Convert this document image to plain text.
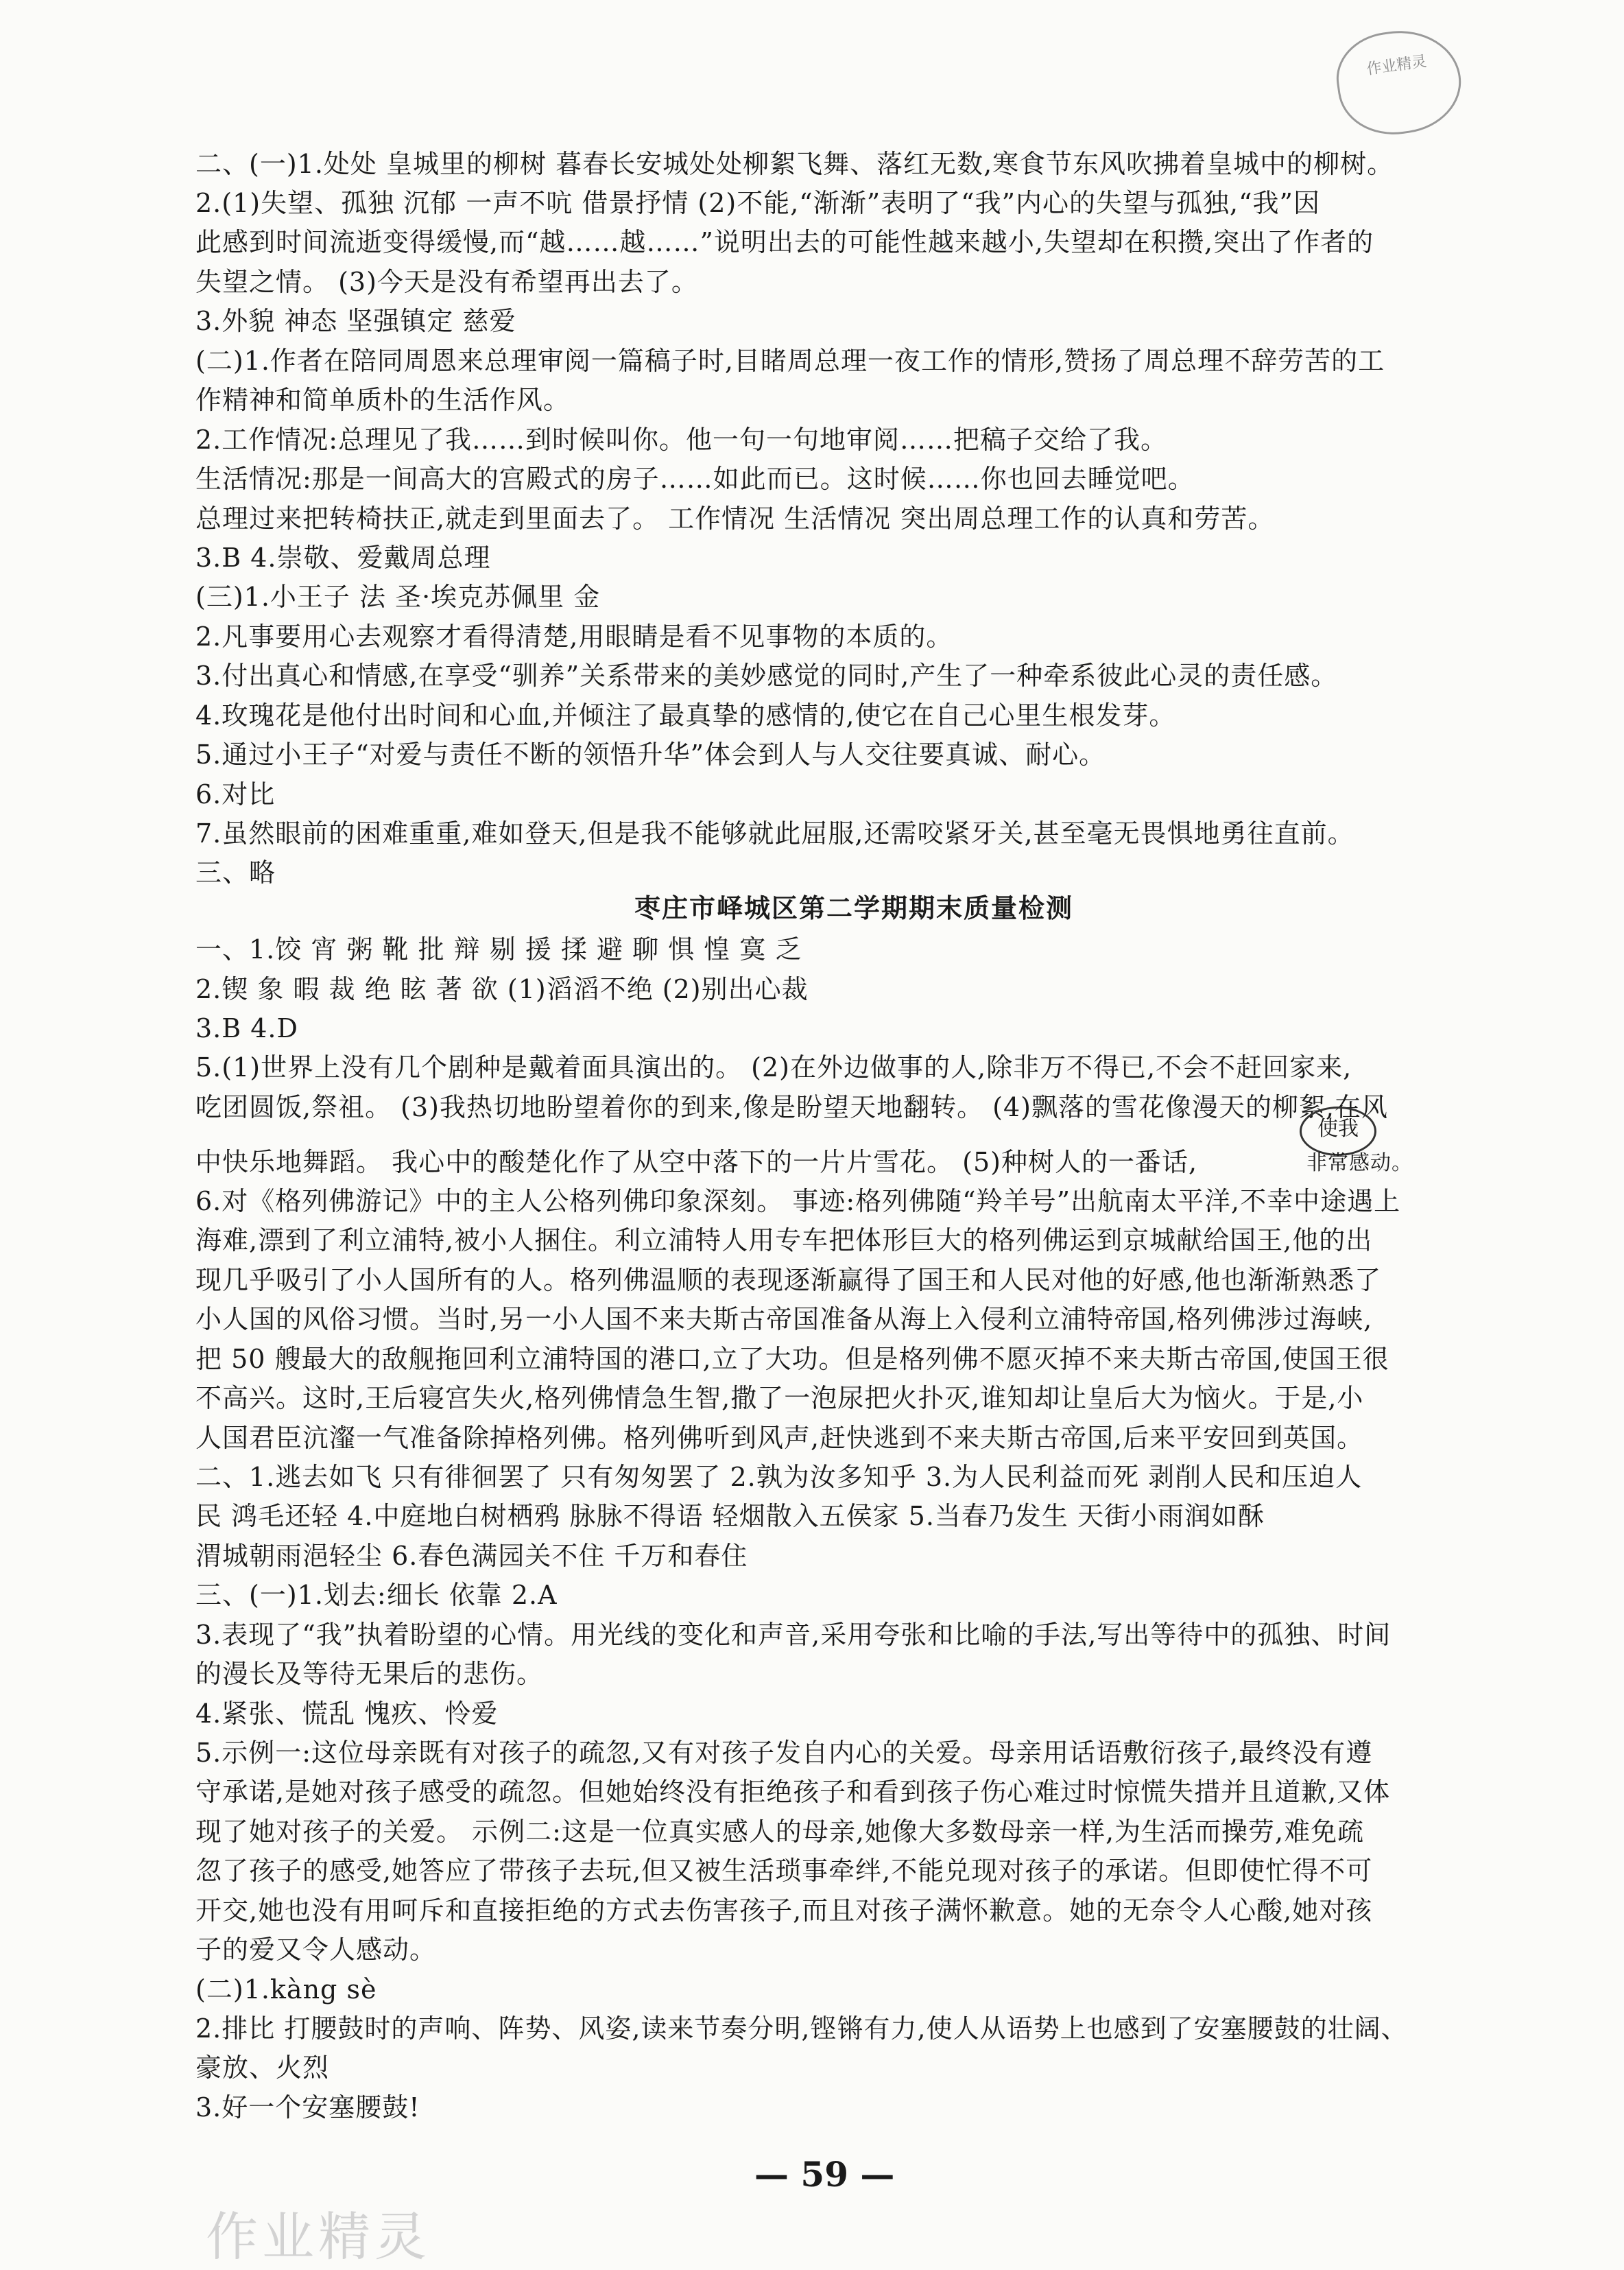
作业精灵
二、(一)1.处处 皇城里的柳树 暮春长安城处处柳絮飞舞、落红无数,寒食节东风吹拂着皇城中的柳树。
2.(1)失望、孤独 沉郁 一声不吭 借景抒情 (2)不能,“渐渐”表明了“我”内心的失望与孤独,“我”因
此感到时间流逝变得缓慢,而“越……越……”说明出去的可能性越来越小,失望却在积攒,突出了作者的
失望之情。 (3)今天是没有希望再出去了。
3.外貌 神态 坚强镇定 慈爱
(二)1.作者在陪同周恩来总理审阅一篇稿子时,目睹周总理一夜工作的情形,赞扬了周总理不辞劳苦的工
作精神和简单质朴的生活作风。
2.工作情况:总理见了我……到时候叫你。他一句一句地审阅……把稿子交给了我。
生活情况:那是一间高大的宫殿式的房子……如此而已。这时候……你也回去睡觉吧。
总理过来把转椅扶正,就走到里面去了。 工作情况 生活情况 突出周总理工作的认真和劳苦。
3.B 4.崇敬、爱戴周总理
(三)1.小王子 法 圣·埃克苏佩里 金
2.凡事要用心去观察才看得清楚,用眼睛是看不见事物的本质的。
3.付出真心和情感,在享受“驯养”关系带来的美妙感觉的同时,产生了一种牵系彼此心灵的责任感。
4.玫瑰花是他付出时间和心血,并倾注了最真挚的感情的,使它在自己心里生根发芽。
5.通过小王子“对爱与责任不断的领悟升华”体会到人与人交往要真诚、耐心。
6.对比
7.虽然眼前的困难重重,难如登天,但是我不能够就此屈服,还需咬紧牙关,甚至毫无畏惧地勇往直前。
三、略
枣庄市峄城区第二学期期末质量检测
一、1.饺 宵 粥 靴 批 辩 剔 援 揉 避 聊 惧 惶 寞 乏
2.锲 象 暇 裁 绝 眩 著 欲 (1)滔滔不绝 (2)别出心裁
3.B 4.D
5.(1)世界上没有几个剧种是戴着面具演出的。 (2)在外边做事的人,除非万不得已,不会不赶回家来,
吃团圆饭,祭祖。 (3)我热切地盼望着你的到来,像是盼望天地翻转。 (4)飘落的雪花像漫天的柳絮,在风
使我
中快乐地舞蹈。 我心中的酸楚化作了从空中落下的一片片雪花。 (5)种树人的一番话,	非常感动。
6.对《格列佛游记》中的主人公格列佛印象深刻。 事迹:格列佛随“羚羊号”出航南太平洋,不幸中途遇上
海难,漂到了利立浦特,被小人捆住。利立浦特人用专车把体形巨大的格列佛运到京城献给国王,他的出
现几乎吸引了小人国所有的人。格列佛温顺的表现逐渐赢得了国王和人民对他的好感,他也渐渐熟悉了
小人国的风俗习惯。当时,另一小人国不来夫斯古帝国准备从海上入侵利立浦特帝国,格列佛涉过海峡,
把 50 艘最大的敌舰拖回利立浦特国的港口,立了大功。但是格列佛不愿灭掉不来夫斯古帝国,使国王很
不高兴。这时,王后寝宫失火,格列佛情急生智,撒了一泡尿把火扑灭,谁知却让皇后大为恼火。于是,小
人国君臣沆瀣一气准备除掉格列佛。格列佛听到风声,赶快逃到不来夫斯古帝国,后来平安回到英国。
二、1.逃去如飞 只有徘徊罢了 只有匆匆罢了 2.孰为汝多知乎 3.为人民利益而死 剥削人民和压迫人
民 鸿毛还轻 4.中庭地白树栖鸦 脉脉不得语 轻烟散入五侯家 5.当春乃发生 天街小雨润如酥
渭城朝雨浥轻尘 6.春色满园关不住 千万和春住
三、(一)1.划去:细长 依靠 2.A
3.表现了“我”执着盼望的心情。用光线的变化和声音,采用夸张和比喻的手法,写出等待中的孤独、时间
的漫长及等待无果后的悲伤。
4.紧张、慌乱 愧疚、怜爱
5.示例一:这位母亲既有对孩子的疏忽,又有对孩子发自内心的关爱。母亲用话语敷衍孩子,最终没有遵
守承诺,是她对孩子感受的疏忽。但她始终没有拒绝孩子和看到孩子伤心难过时惊慌失措并且道歉,又体
现了她对孩子的关爱。 示例二:这是一位真实感人的母亲,她像大多数母亲一样,为生活而操劳,难免疏
忽了孩子的感受,她答应了带孩子去玩,但又被生活琐事牵绊,不能兑现对孩子的承诺。但即使忙得不可
开交,她也没有用呵斥和直接拒绝的方式去伤害孩子,而且对孩子满怀歉意。她的无奈令人心酸,她对孩
子的爱又令人感动。
(二)1.kàng sè
2.排比 打腰鼓时的声响、阵势、风姿,读来节奏分明,铿锵有力,使人从语势上也感到了安塞腰鼓的壮阔、
豪放、火烈
3.好一个安塞腰鼓!
— 59 —
作业精灵
